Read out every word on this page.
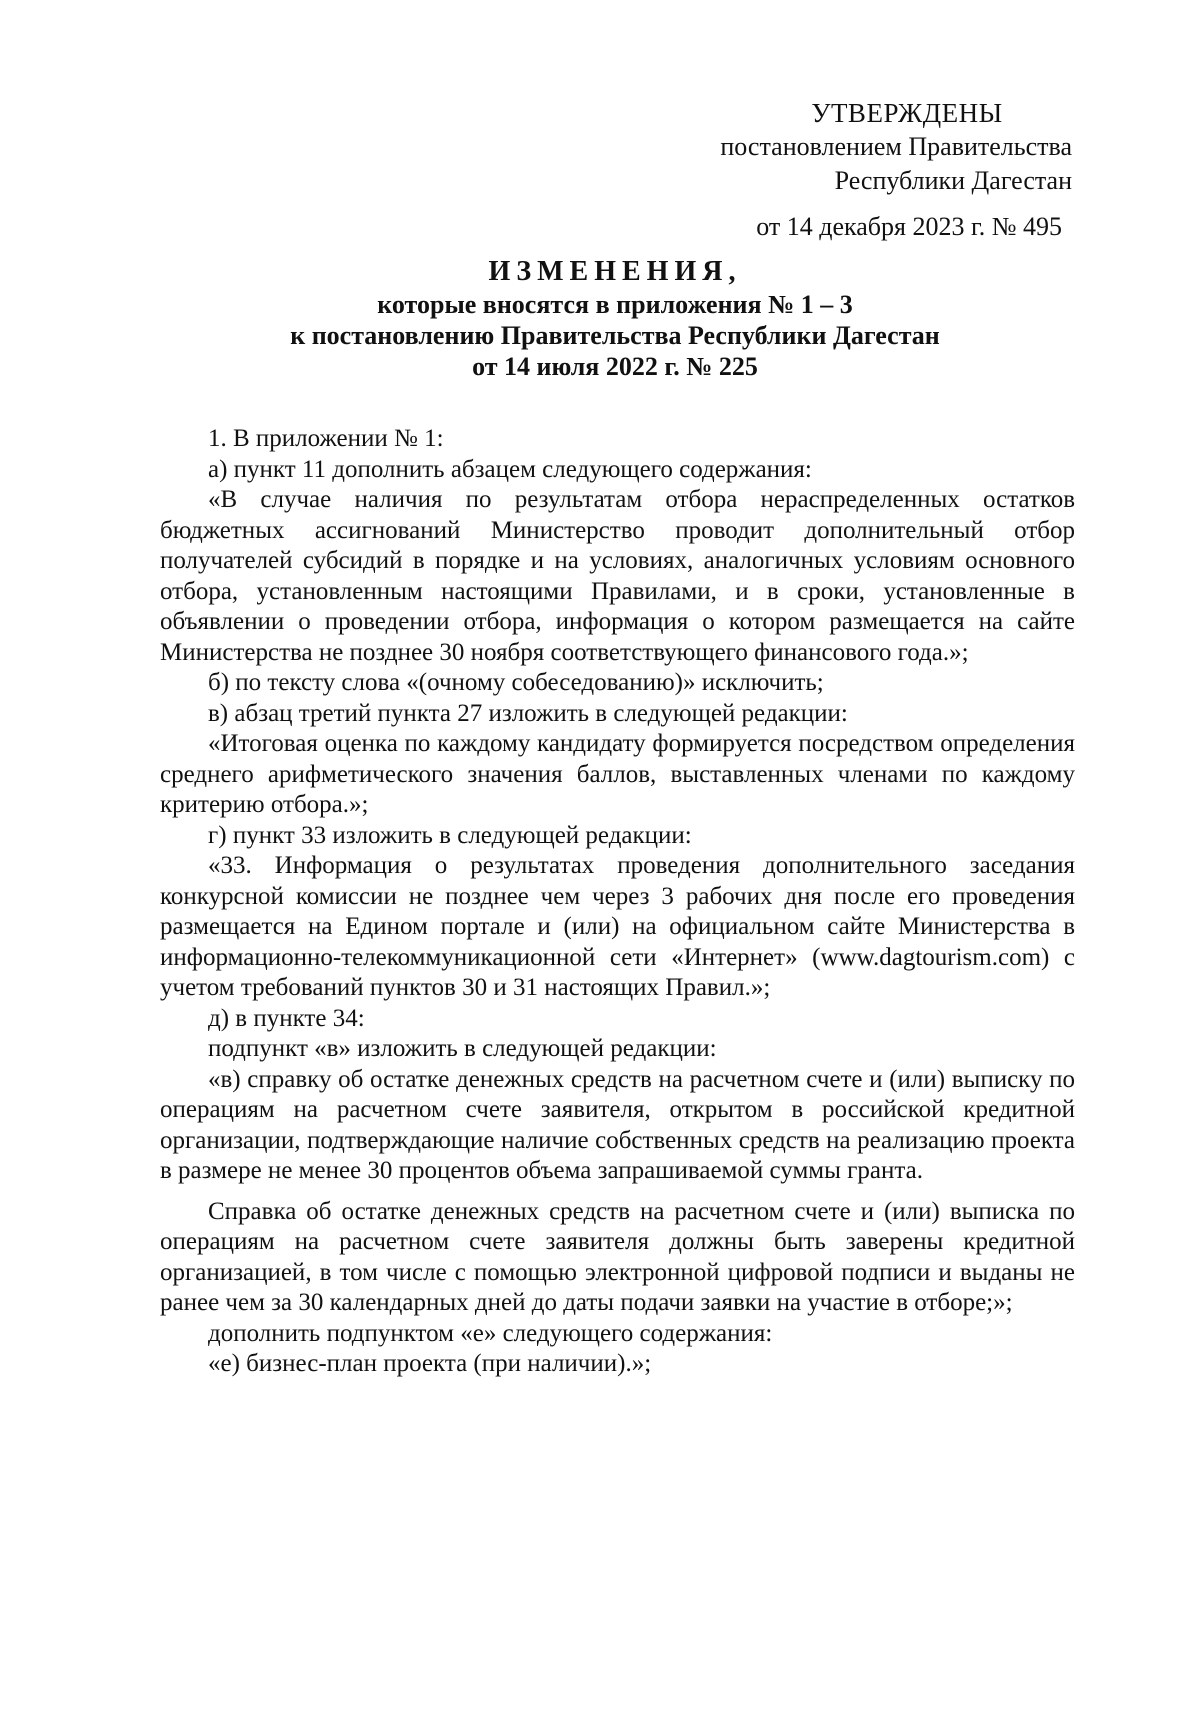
УТВЕРЖДЕНЫ
постановлением Правительства
Республики Дагестан
от 14 декабря 2023 г. № 495
ИЗМЕНЕНИЯ,
которые вносятся в приложения № 1 – 3
к постановлению Правительства Республики Дагестан
от 14 июля 2022 г. № 225

1. В приложении № 1:

а) пункт 11 дополнить абзацем следующего содержания:

«В случае наличия по результатам отбора нераспределенных остатков бюджетных ассигнований Министерство проводит дополнительный отбор получателей субсидий в порядке и на условиях, аналогичных условиям основного отбора, установленным настоящими Правилами, и в сроки, установленные в объявлении о проведении отбора, информация о котором размещается на сайте Министерства не позднее 30 ноября соответствующего финансового года.»;

б) по тексту слова «(очному собеседованию)» исключить;

в) абзац третий пункта 27 изложить в следующей редакции:

«Итоговая оценка по каждому кандидату формируется посредством определения среднего арифметического значения баллов, выставленных членами по каждому критерию отбора.»;

г) пункт 33 изложить в следующей редакции:

«33. Информация о результатах проведения дополнительного заседания конкурсной комиссии не позднее чем через 3 рабочих дня после его проведения размещается на Едином портале и (или) на официальном сайте Министерства в информационно-телекоммуникационной сети «Интернет» (www.dagtourism.com) с учетом требований пунктов 30 и 31 настоящих Правил.»;

д) в пункте 34:

подпункт «в» изложить в следующей редакции:

«в) справку об остатке денежных средств на расчетном счете и (или) выписку по операциям на расчетном счете заявителя, открытом в российской кредитной организации, подтверждающие наличие собственных средств на реализацию проекта в размере не менее 30 процентов объема запрашиваемой суммы гранта.

Справка об остатке денежных средств на расчетном счете и (или) выписка по операциям на расчетном счете заявителя должны быть заверены кредитной организацией, в том числе с помощью электронной цифровой подписи и выданы не ранее чем за 30 календарных дней до даты подачи заявки на участие в отборе;»;

дополнить подпунктом «е» следующего содержания:

«е) бизнес-план проекта (при наличии).»;
